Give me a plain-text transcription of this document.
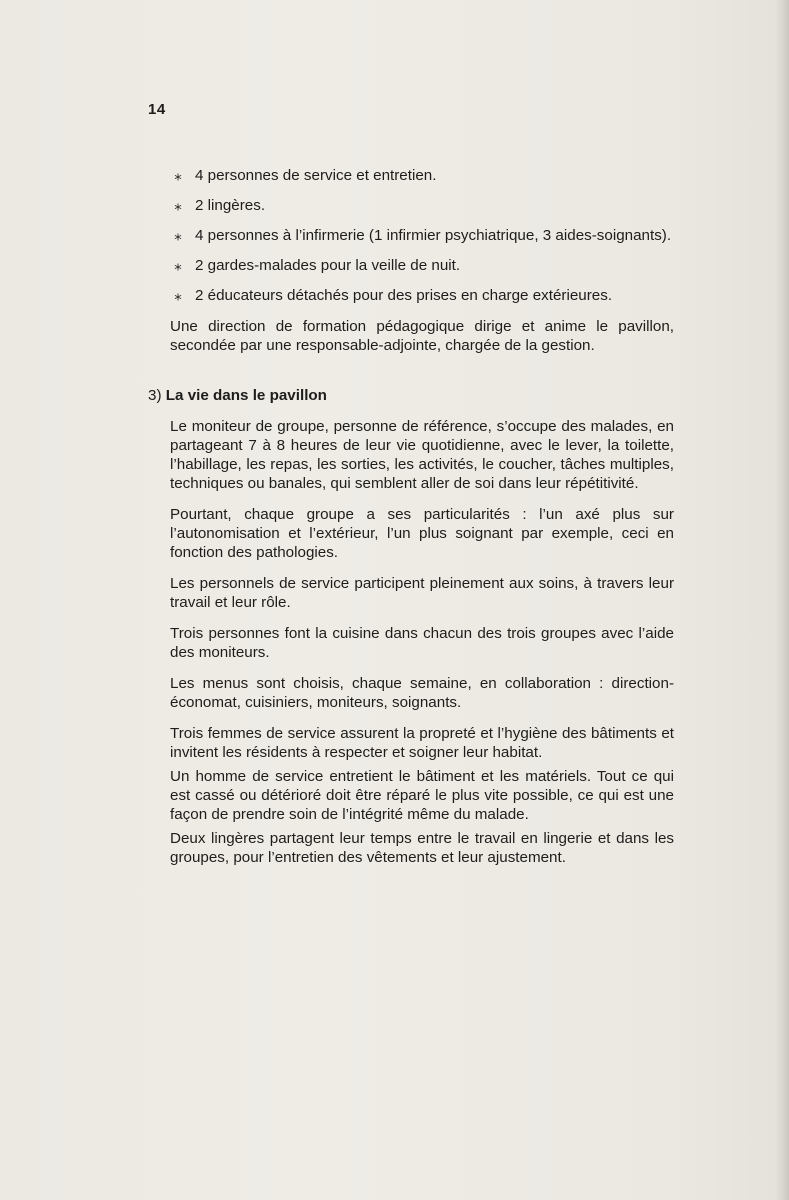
14
⁎ 4 personnes de service et entretien.
⁎ 2 lingères.
⁎ 4 personnes à l’infirmerie (1 infirmier psychiatrique, 3 aides-soignants).
⁎ 2 gardes-malades pour la veille de nuit.
⁎ 2 éducateurs détachés pour des prises en charge extérieures.

Une direction de formation pédagogique dirige et anime le pavillon, secondée par une responsable-adjointe, chargée de la gestion.

3) La vie dans le pavillon

Le moniteur de groupe, personne de référence, s’occupe des malades, en partageant 7 à 8 heures de leur vie quotidienne, avec le lever, la toilette, l’habillage, les repas, les sorties, les activités, le coucher, tâches multiples, techniques ou banales, qui semblent aller de soi dans leur répétitivité.

Pourtant, chaque groupe a ses particularités : l’un axé plus sur l’autonomisation et l’extérieur, l’un plus soignant par exemple, ceci en fonction des pathologies.

Les personnels de service participent pleinement aux soins, à travers leur travail et leur rôle.

Trois personnes font la cuisine dans chacun des trois groupes avec l’aide des moniteurs.

Les menus sont choisis, chaque semaine, en collaboration : direction-économat, cuisiniers, moniteurs, soignants.

Trois femmes de service assurent la propreté et l’hygiène des bâtiments et invitent les résidents à respecter et soigner leur habitat.

Un homme de service entretient le bâtiment et les matériels. Tout ce qui est cassé ou détérioré doit être réparé le plus vite possible, ce qui est une façon de prendre soin de l’intégrité même du malade.

Deux lingères partagent leur temps entre le travail en lingerie et dans les groupes, pour l’entretien des vêtements et leur ajustement.
